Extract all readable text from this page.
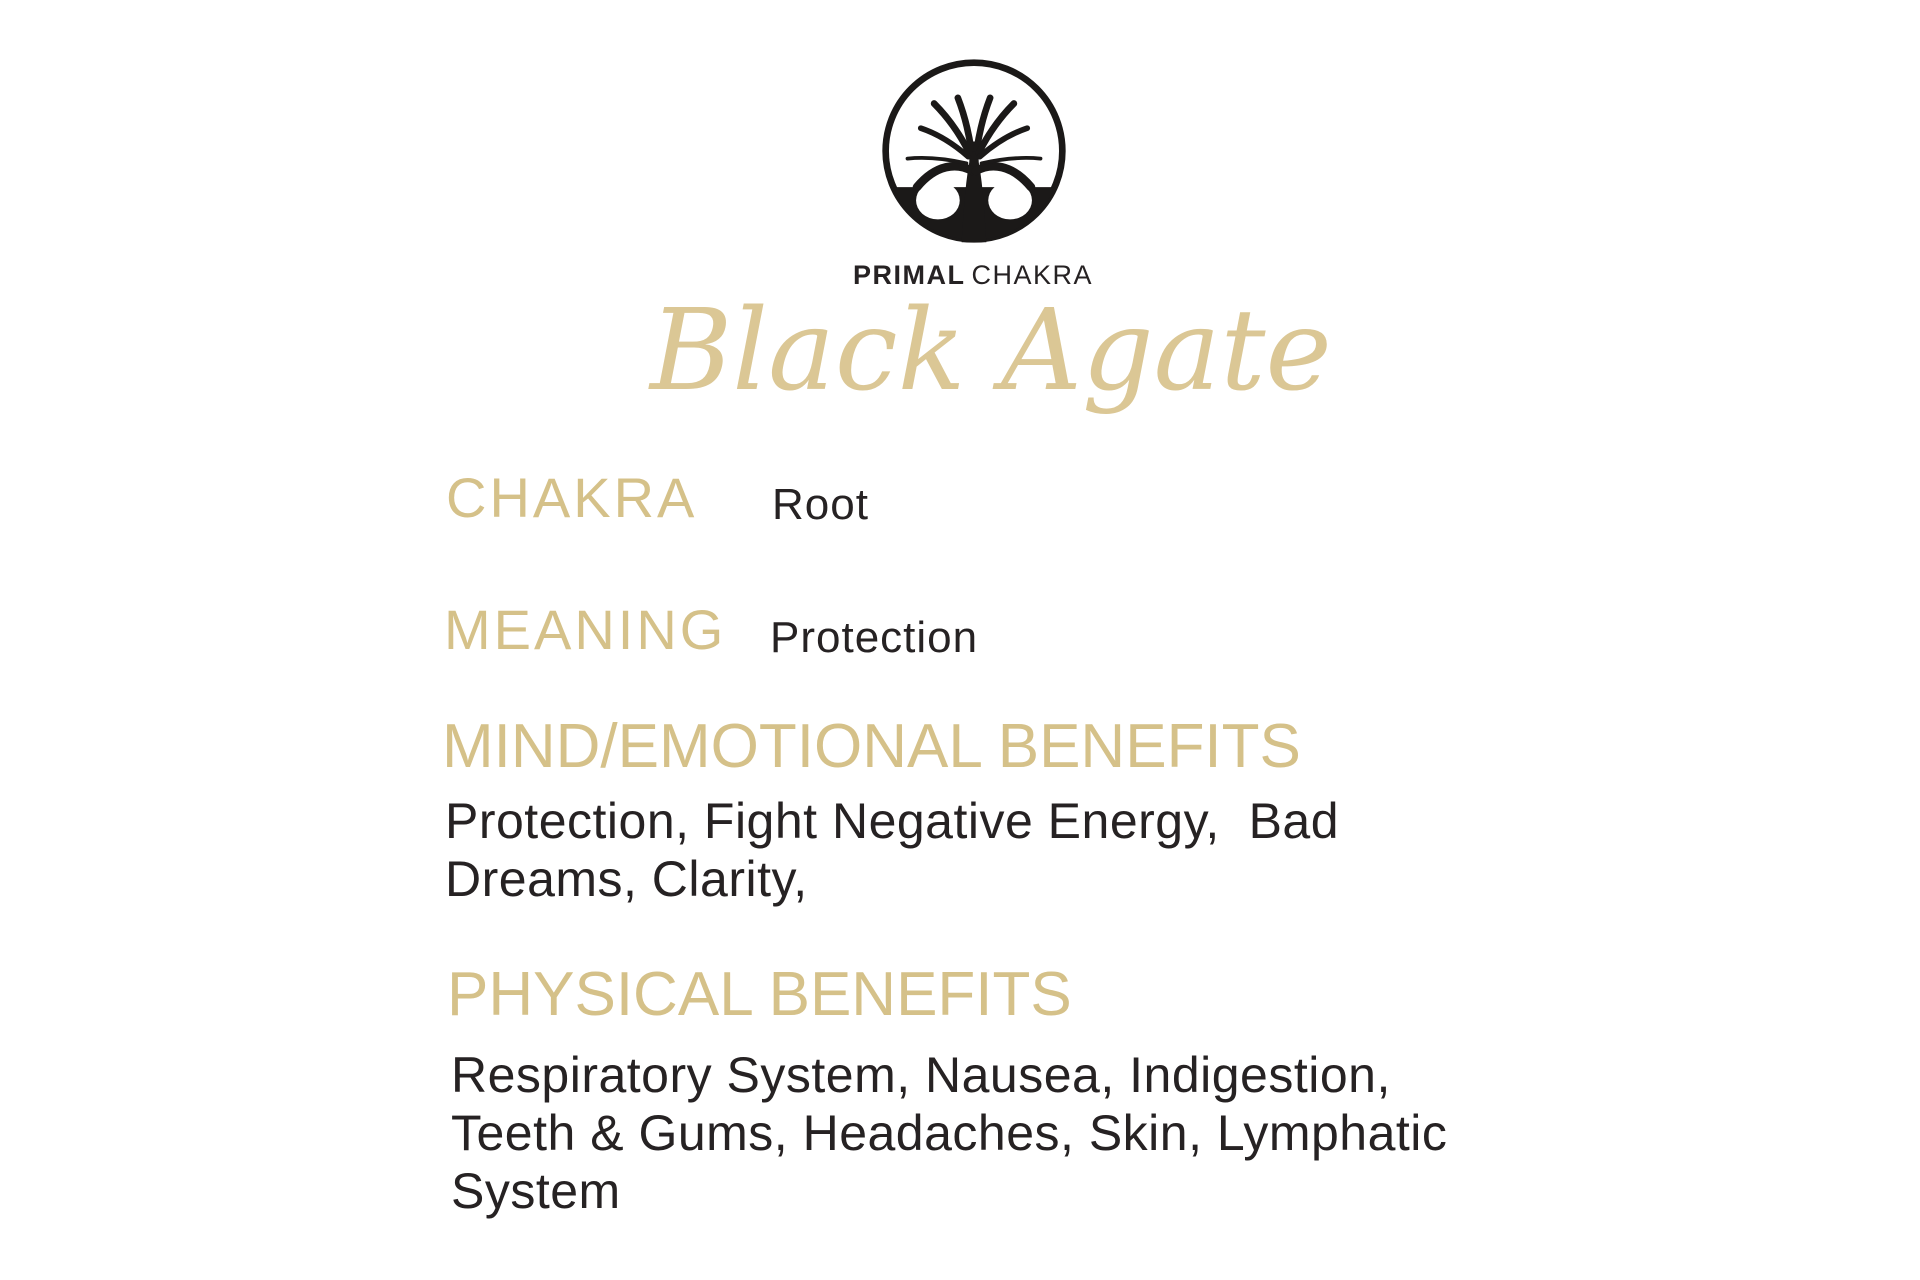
PRIMAL CHAKRA
Black Agate
CHAKRA Root
MEANING Protection
MIND/EMOTIONAL BENEFITS
Protection, Fight Negative Energy,  Bad
Dreams, Clarity,
PHYSICAL BENEFITS
Respiratory System, Nausea, Indigestion,
Teeth & Gums, Headaches, Skin, Lymphatic
System
